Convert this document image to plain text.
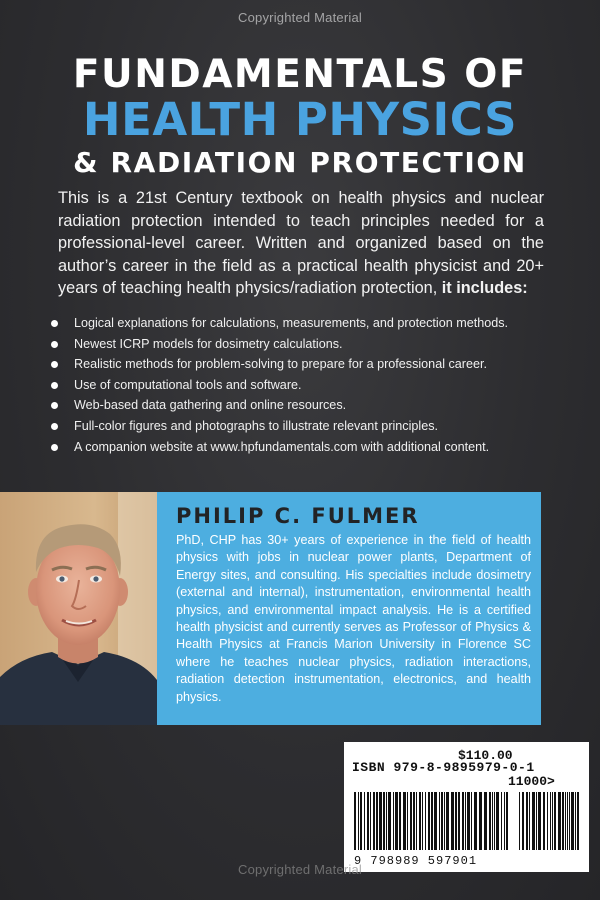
Copyrighted Material
FUNDAMENTALS OF
HEALTH PHYSICS
& RADIATION PROTECTION
This is a 21st Century textbook on health physics and nuclear radiation protection intended to teach principles needed for a professional-level career. Written and organized based on the author’s career in the field as a practical health physicist and 20+ years of teaching health physics/radiation protection, it includes:
Logical explanations for calculations, measurements, and protection methods.
Newest ICRP models for dosimetry calculations.
Realistic methods for problem-solving to prepare for a professional career.
Use of computational tools and software.
Web-based data gathering and online resources.
Full-color figures and photographs to illustrate relevant principles.
A companion website at www.hpfundamentals.com with additional content.
PHILIP C. FULMER
PhD, CHP has 30+ years of experience in the field of health physics with jobs in nuclear power plants, Department of Energy sites, and consulting. His specialties include dosimetry (external and internal), instrumentation, environmental health physics, and environmental impact analysis. He is a certified health physicist and currently serves as Professor of Physics & Health Physics at Francis Marion University in Florence SC where he teaches nuclear physics, radiation interactions, radiation detection instrumentation, electronics, and health physics.
$110.00
ISBN 979-8-9895979-0-1
11000>
9 798989 597901
Copyrighted Material
